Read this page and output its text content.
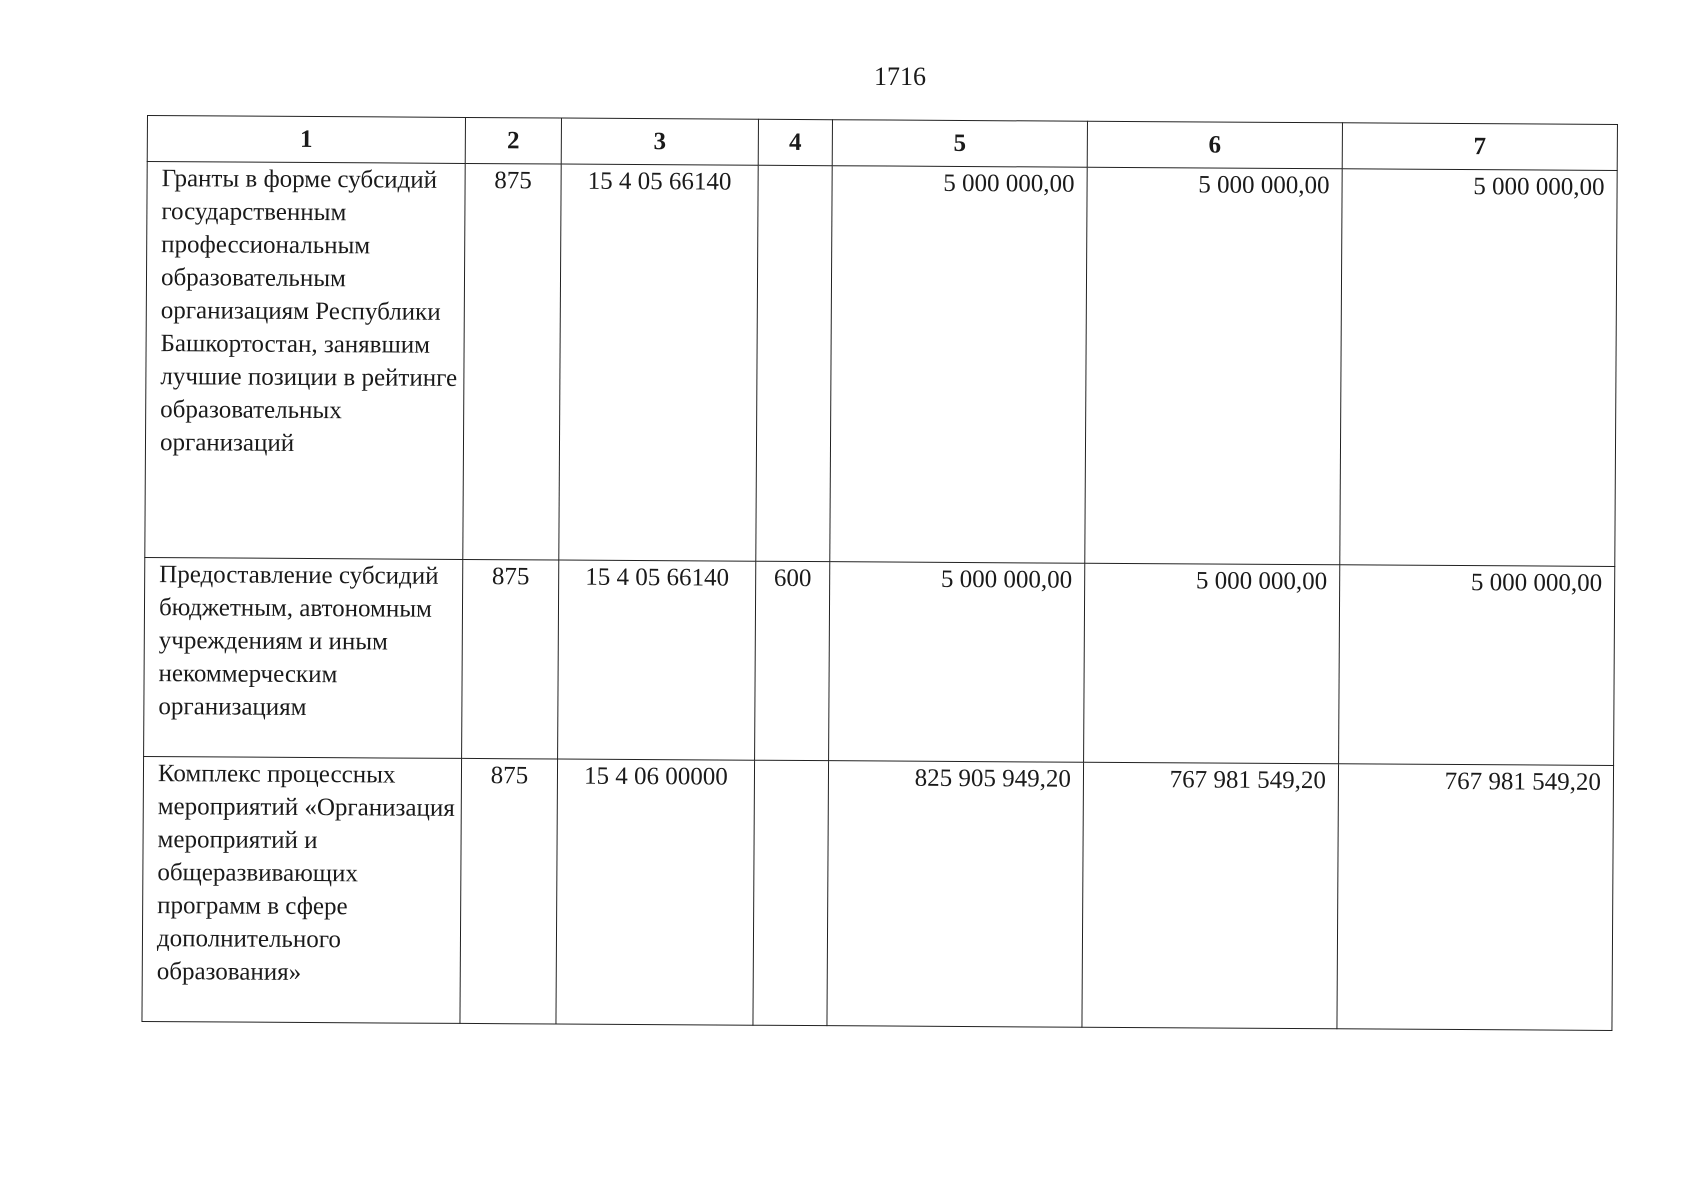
1716
1	2	3	4	5	6	7
Гранты в форме субсидий государственным профессиональным образовательным организациям Республики Башкортостан, занявшим лучшие позиции в рейтинге образовательных организаций	875	15 4 05 66140		5 000 000,00	5 000 000,00	5 000 000,00
Предоставление субсидий бюджетным, автономным учреждениям и иным некоммерческим организациям	875	15 4 05 66140	600	5 000 000,00	5 000 000,00	5 000 000,00
Комплекс процессных мероприятий «Организация мероприятий и общеразвивающих программ в сфере дополнительного образования»	875	15 4 06 00000		825 905 949,20	767 981 549,20	767 981 549,20
